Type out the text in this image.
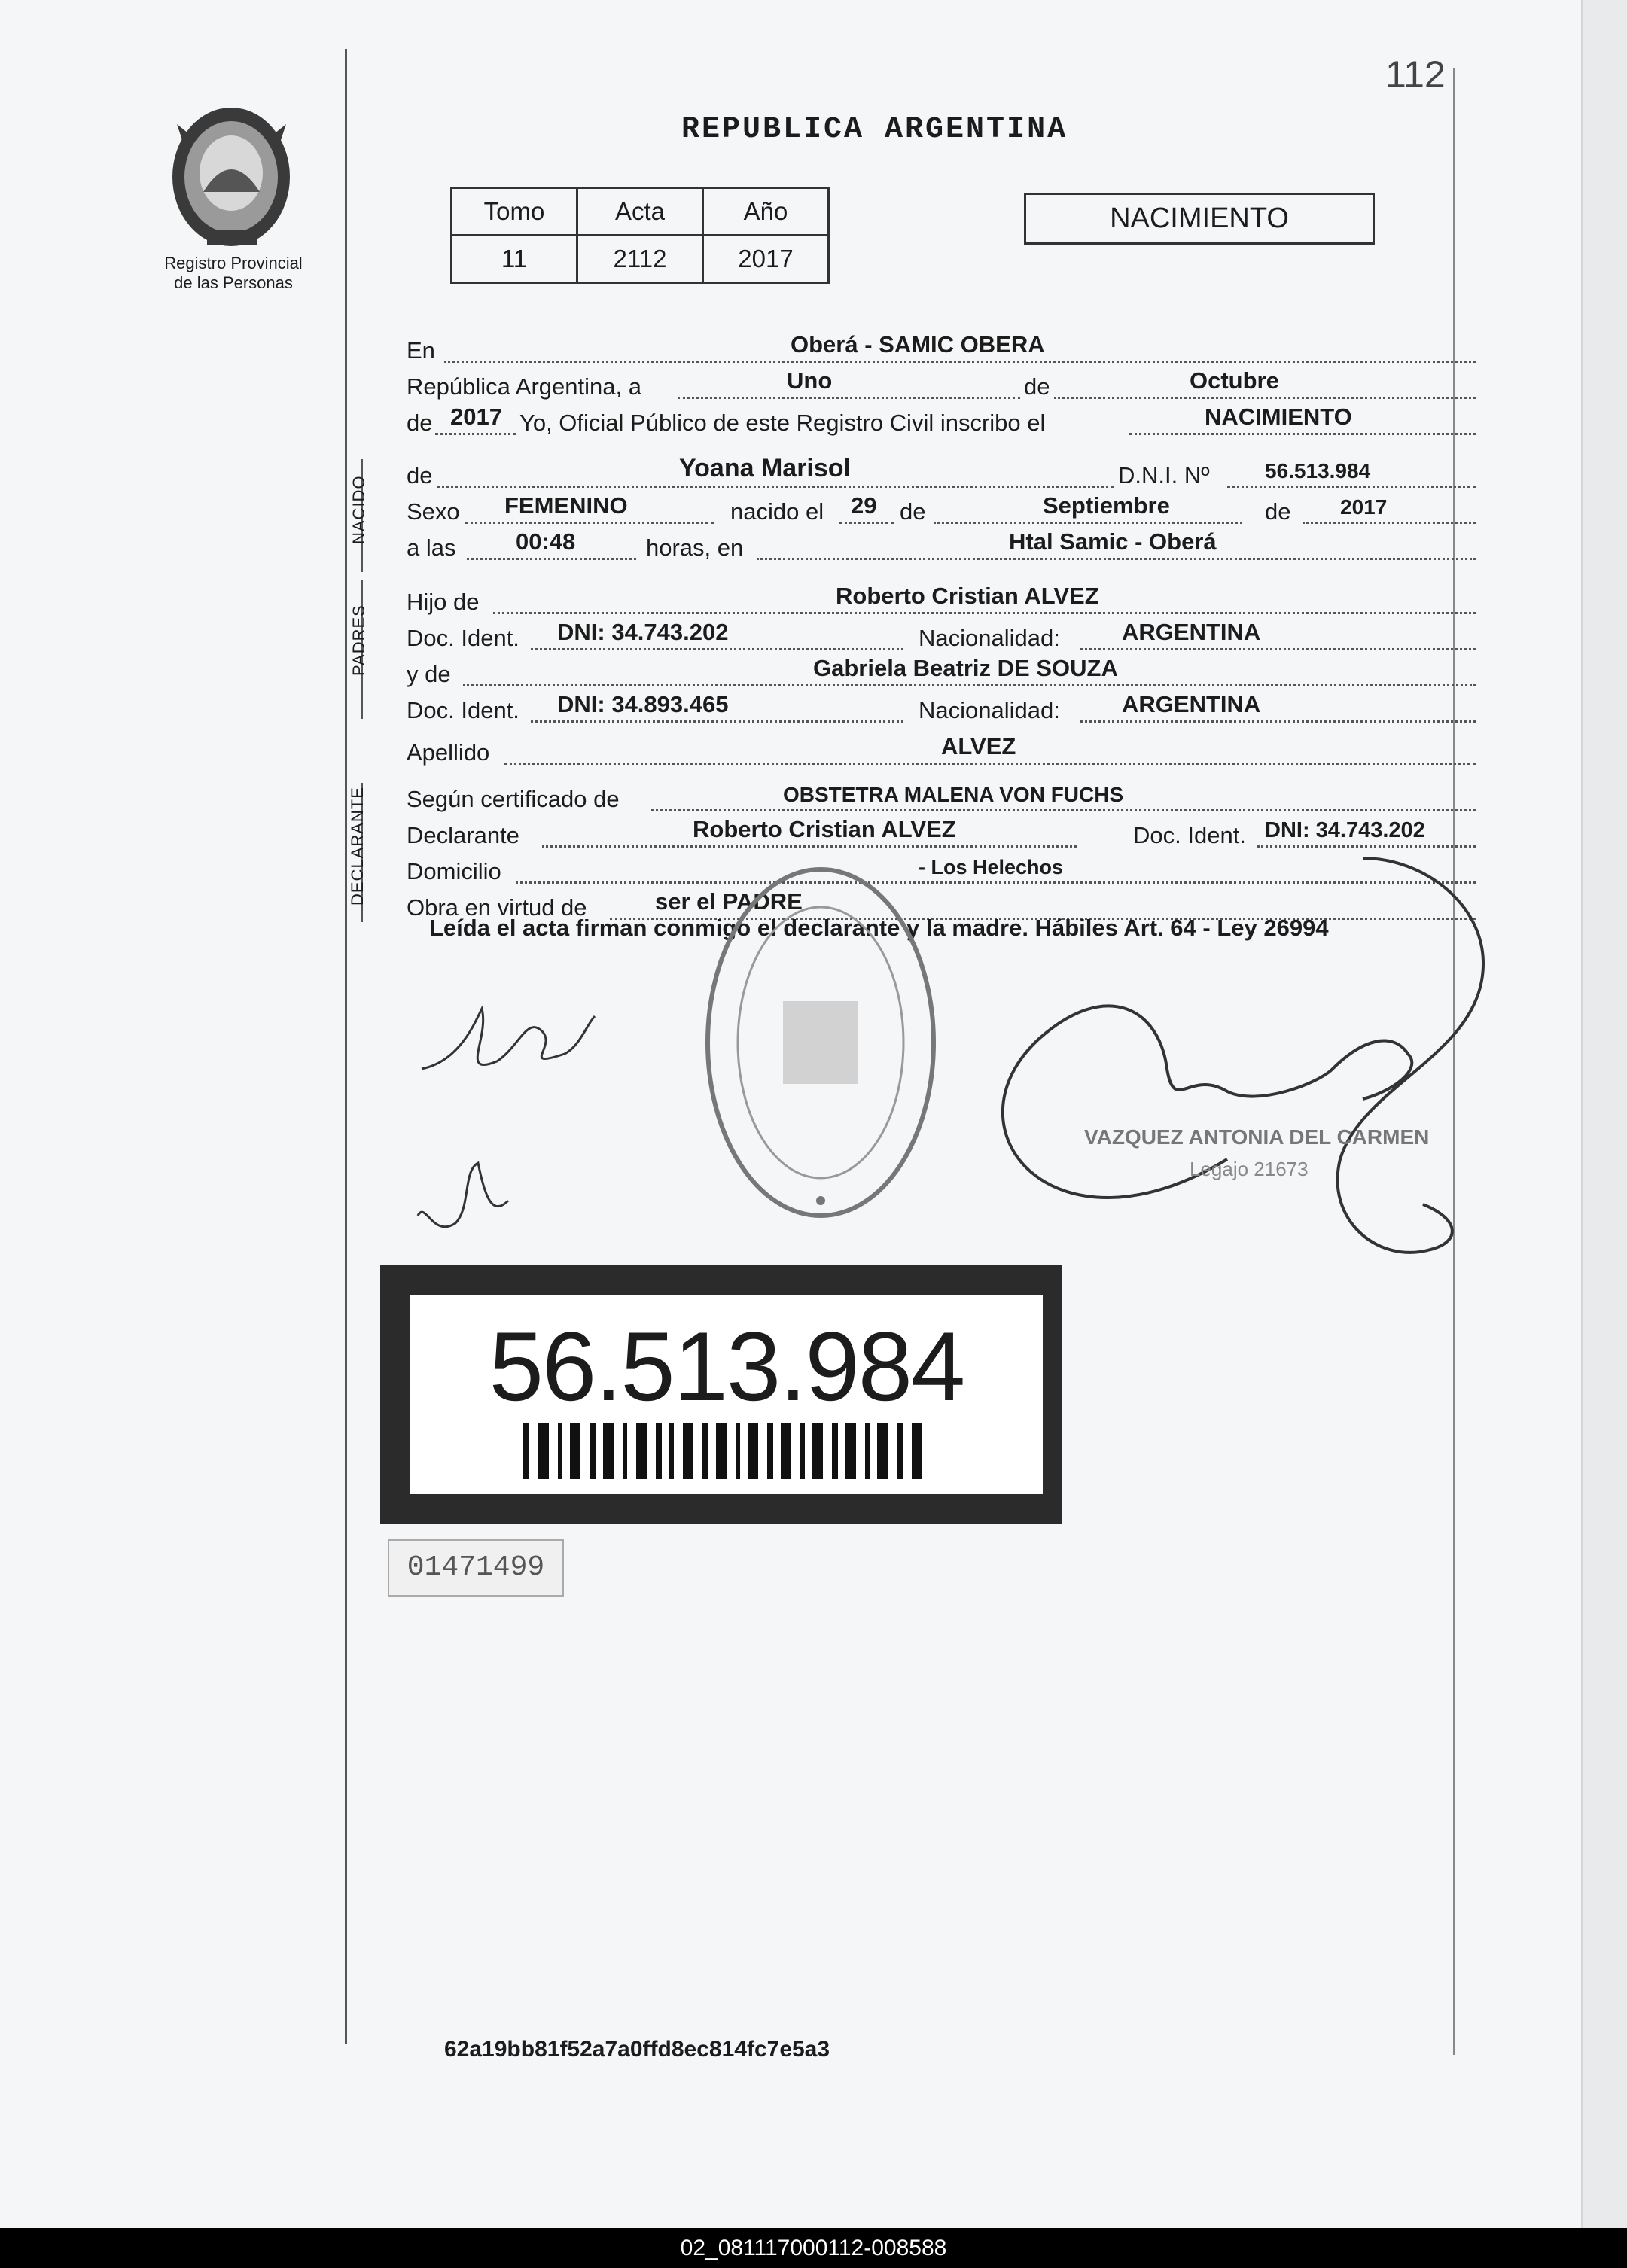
112
Registro Provincial
de las Personas
REPUBLICA ARGENTINA
Tomo	Acta	Año
11	2112	2017
NACIMIENTO
En	Oberá - SAMIC OBERA
República Argentina, a	Uno	de	Octubre
de 2017 Yo, Oficial Público de este Registro Civil inscribo el	NACIMIENTO
NACIDO de	Yoana Marisol	D.N.I. Nº	56.513.984
Sexo FEMENINO	nacido el 29 de	Septiembre	de 2017
a las	00:48	horas, en	Htal Samic - Oberá
PADRES
Hijo de	Roberto Cristian ALVEZ
Doc. Ident. DNI: 34.743.202	Nacionalidad:	ARGENTINA
y de	Gabriela Beatriz DE SOUZA
Doc. Ident. DNI: 34.893.465	Nacionalidad:	ARGENTINA
Apellido	ALVEZ
DECLARANTE Según certificado de	OBSTETRA MALENA VON FUCHS
Declarante	Roberto Cristian ALVEZ	Doc. Ident. DNI: 34.743.202
Domicilio	- Los Helechos
Obra en virtud de	ser el PADRE
Leída el acta firman conmigo el declarante y la madre. Hábiles Art. 64 - Ley 26994
VAZQUEZ ANTONIA DEL CARMEN
Legajo 21673
56.513.984
01471499
62a19bb81f52a7a0ffd8ec814fc7e5a3
02_081117000112-008588
